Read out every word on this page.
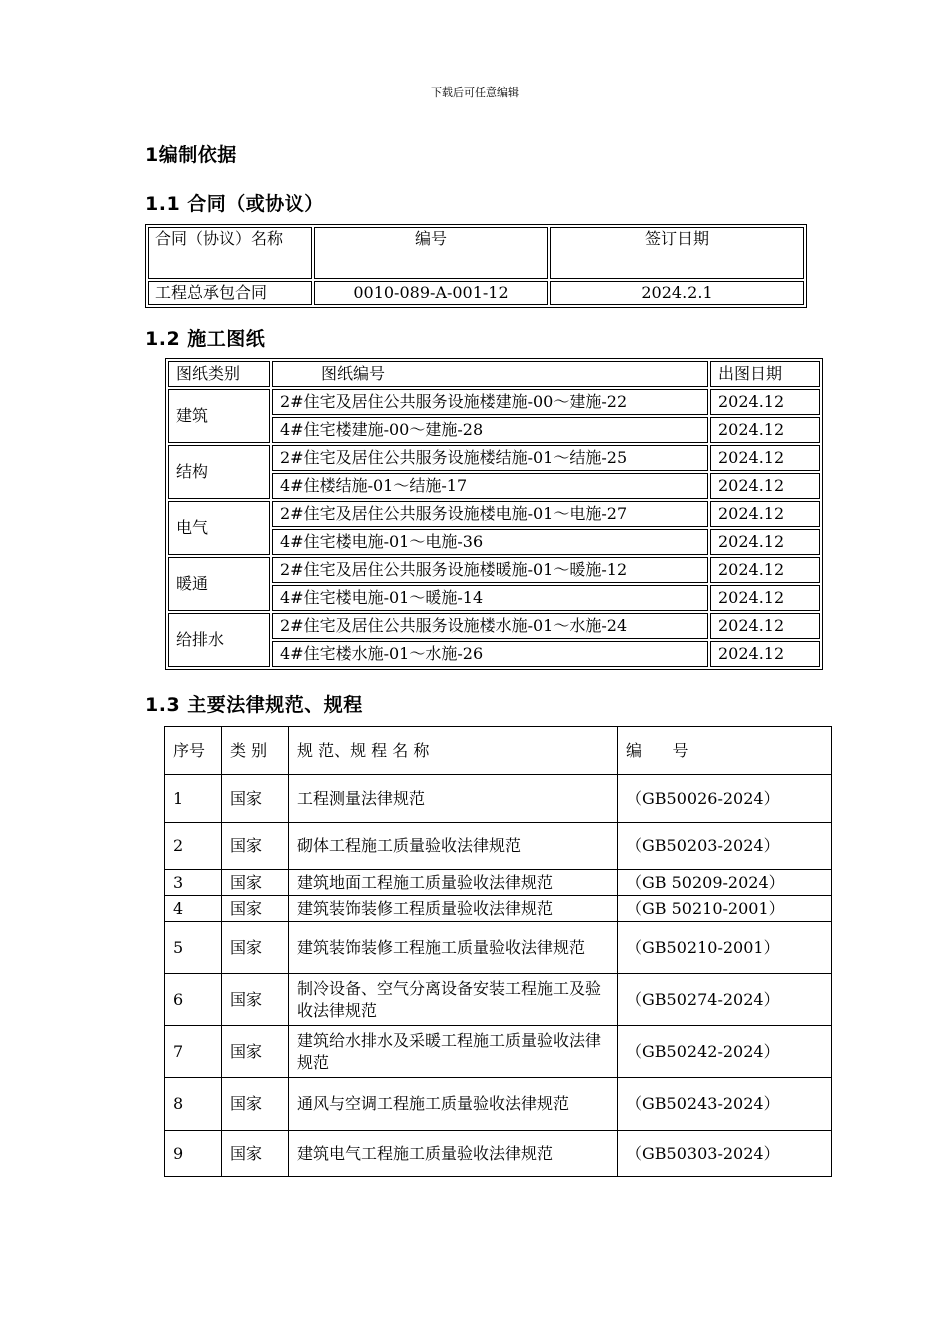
下载后可任意编辑
1编制依据
1.1 合同（或协议）
合同（协议）名称	编号	签订日期
工程总承包合同	0010-089-A-001-12	2024.2.1
1.2 施工图纸
图纸类别	图纸编号	出图日期
建筑	2#住宅及居住公共服务设施楼建施-00～建施-22	2024.12
	4#住宅楼建施-00～建施-28	2024.12
结构	2#住宅及居住公共服务设施楼结施-01～结施-25	2024.12
	4#住楼结施-01～结施-17	2024.12
电气	2#住宅及居住公共服务设施楼电施-01～电施-27	2024.12
	4#住宅楼电施-01～电施-36	2024.12
暖通	2#住宅及居住公共服务设施楼暖施-01～暖施-12	2024.12
	4#住宅楼电施-01～暖施-14	2024.12
给排水	2#住宅及居住公共服务设施楼水施-01～水施-24	2024.12
	4#住宅楼水施-01～水施-26	2024.12
1.3 主要法律规范、规程
序号	类 别	规 范、规 程 名 称	编      号
1	国家	工程测量法律规范	（GB50026-2024）
2	国家	砌体工程施工质量验收法律规范	（GB50203-2024）
3	国家	建筑地面工程施工质量验收法律规范	（GB 50209-2024）
4	国家	建筑装饰装修工程质量验收法律规范	（GB 50210-2001）
5	国家	建筑装饰装修工程施工质量验收法律规范	（GB50210-2001）
6	国家	制冷设备、空气分离设备安装工程施工及验收法律规范	（GB50274-2024）
7	国家	建筑给水排水及采暖工程施工质量验收法律规范	（GB50242-2024）
8	国家	通风与空调工程施工质量验收法律规范	（GB50243-2024）
9	国家	建筑电气工程施工质量验收法律规范	（GB50303-2024）
